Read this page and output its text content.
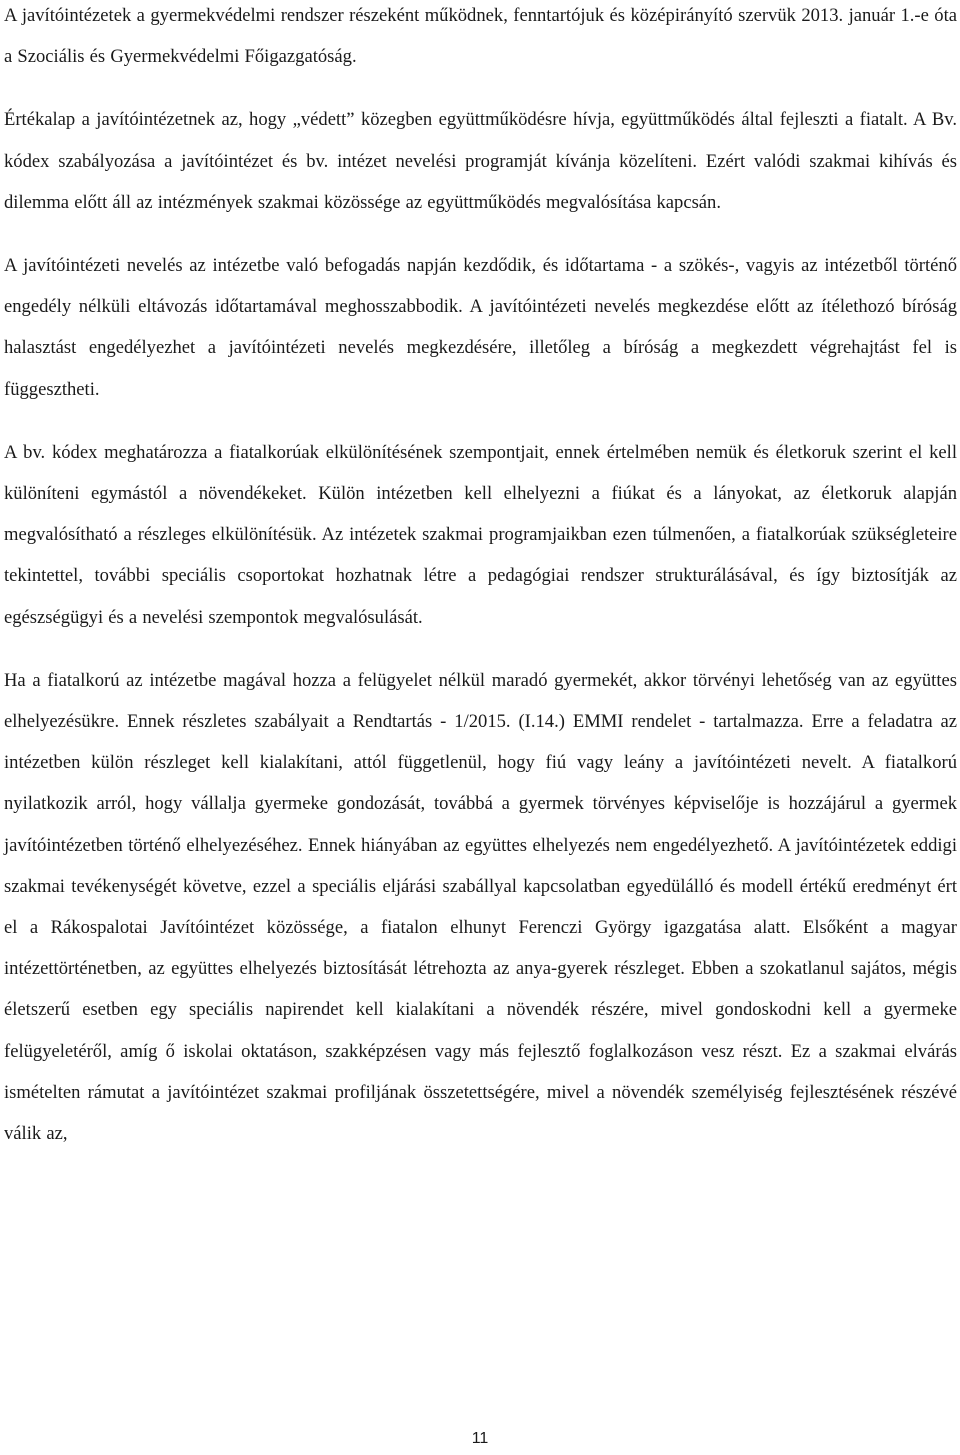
A javítóintézetek a gyermekvédelmi rendszer részeként működnek, fenntartójuk és középirányító szervük 2013. január 1.-e óta a Szociális és Gyermekvédelmi Főigazgatóság.

Értékalap a javítóintézetnek az, hogy „védett” közegben együttműködésre hívja, együttműködés által fejleszti a fiatalt. A Bv. kódex szabályozása a javítóintézet és bv. intézet nevelési programját kívánja közelíteni. Ezért valódi szakmai kihívás és dilemma előtt áll az intézmények szakmai közössége az együttműködés megvalósítása kapcsán.

A javítóintézeti nevelés az intézetbe való befogadás napján kezdődik, és időtartama - a szökés-, vagyis az intézetből történő engedély nélküli eltávozás időtartamával meghosszabbodik. A javítóintézeti nevelés megkezdése előtt az ítélethozó bíróság halasztást engedélyezhet a javítóintézeti nevelés megkezdésére, illetőleg a bíróság a megkezdett végrehajtást fel is függesztheti.

A bv. kódex meghatározza a fiatalkorúak elkülönítésének szempontjait, ennek értelmében nemük és életkoruk szerint el kell különíteni egymástól a növendékeket. Külön intézetben kell elhelyezni a fiúkat és a lányokat, az életkoruk alapján megvalósítható a részleges elkülönítésük. Az intézetek szakmai programjaikban ezen túlmenően, a fiatalkorúak szükségleteire tekintettel, további speciális csoportokat hozhatnak létre a pedagógiai rendszer strukturálásával, és így biztosítják az egészségügyi és a nevelési szempontok megvalósulását.

Ha a fiatalkorú az intézetbe magával hozza a felügyelet nélkül maradó gyermekét, akkor törvényi lehetőség van az együttes elhelyezésükre. Ennek részletes szabályait a Rendtartás - 1/2015. (I.14.) EMMI rendelet - tartalmazza. Erre a feladatra az intézetben külön részleget kell kialakítani, attól függetlenül, hogy fiú vagy leány a javítóintézeti nevelt. A fiatalkorú nyilatkozik arról, hogy vállalja gyermeke gondozását, továbbá a gyermek törvényes képviselője is hozzájárul a gyermek javítóintézetben történő elhelyezéséhez. Ennek hiányában az együttes elhelyezés nem engedélyezhető. A javítóintézetek eddigi szakmai tevékenységét követve, ezzel a speciális eljárási szabállyal kapcsolatban egyedülálló és modell értékű eredményt ért el a Rákospalotai Javítóintézet közössége, a fiatalon elhunyt Ferenczi György igazgatása alatt. Elsőként a magyar intézettörténetben, az együttes elhelyezés biztosítását létrehozta az anya-gyerek részleget. Ebben a szokatlanul sajátos, mégis életszerű esetben egy speciális napirendet kell kialakítani a növendék részére, mivel gondoskodni kell a gyermeke felügyeletéről, amíg ő iskolai oktatáson, szakképzésen vagy más fejlesztő foglalkozáson vesz részt. Ez a szakmai elvárás ismételten rámutat a javítóintézet szakmai profiljának összetettségére, mivel a növendék személyiség fejlesztésének részévé válik az,

11
